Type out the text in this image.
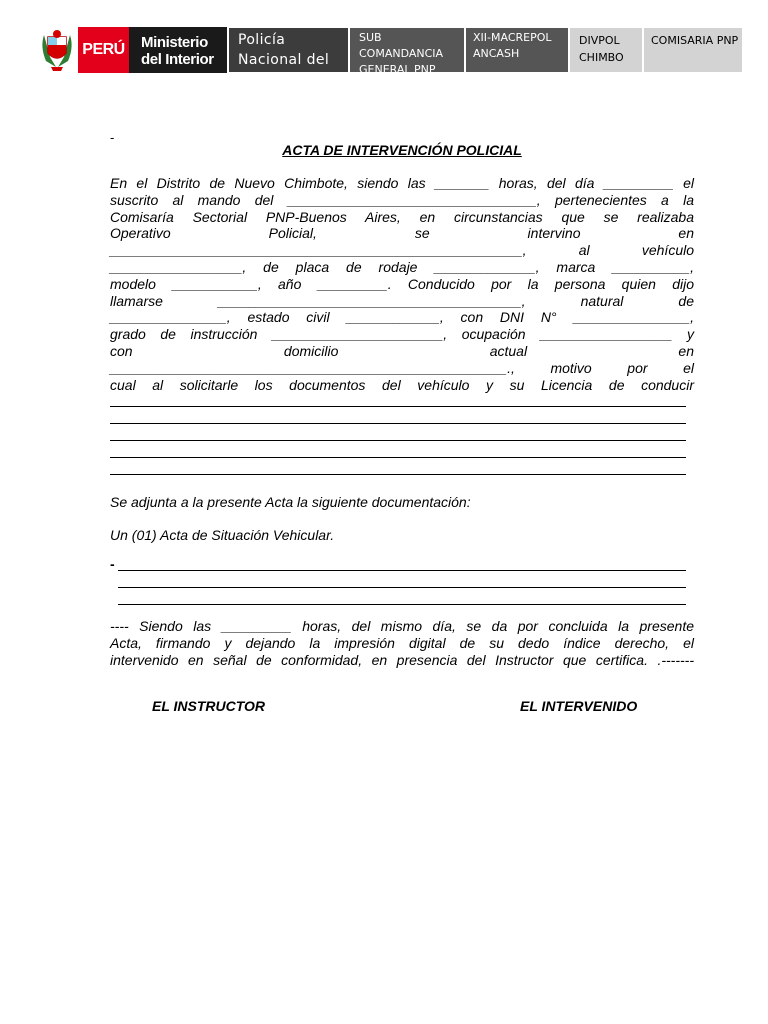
PERÚ Ministerio
del Interior
Policía Nacional del Perú
SUB COMANDANCIA GENERAL PNP
XII-MACREPOL ANCASH
DIVPOL CHIMBO
COMISARIA PNP
-
ACTA DE INTERVENCIÓN POLICIAL

En el Distrito de Nuevo Chimbote, siendo las _______ horas, del día _________ el
suscrito al mando del ________________________________, pertenecientes a la
Comisaría Sectorial PNP-Buenos Aires, en circunstancias que se realizaba
Operativo Policial, se intervino en
_____________________________________________________, al vehículo
_________________, de placa de rodaje _____________, marca __________,
modelo ___________, año _________. Conducido por la persona quien dijo
llamarse _______________________________________, natural de
_______________, estado civil ____________, con DNI N° _______________,
grado de instrucción ______________________, ocupación _________________ y
con domicilio actual en
___________________________________________________., motivo por el
cual al solicitarle los documentos del vehículo y su Licencia de conducir

Se adjunta a la presente Acta la siguiente documentación:
Un (01) Acta de Situación Vehicular.
-

---- Siendo las _________ horas, del mismo día, se da por concluida la presente
Acta, firmando y dejando la impresión digital de su dedo índice derecho, el
intervenido en señal de conformidad, en presencia del Instructor que certifica. .-------

EL INSTRUCTOR	EL INTERVENIDO
